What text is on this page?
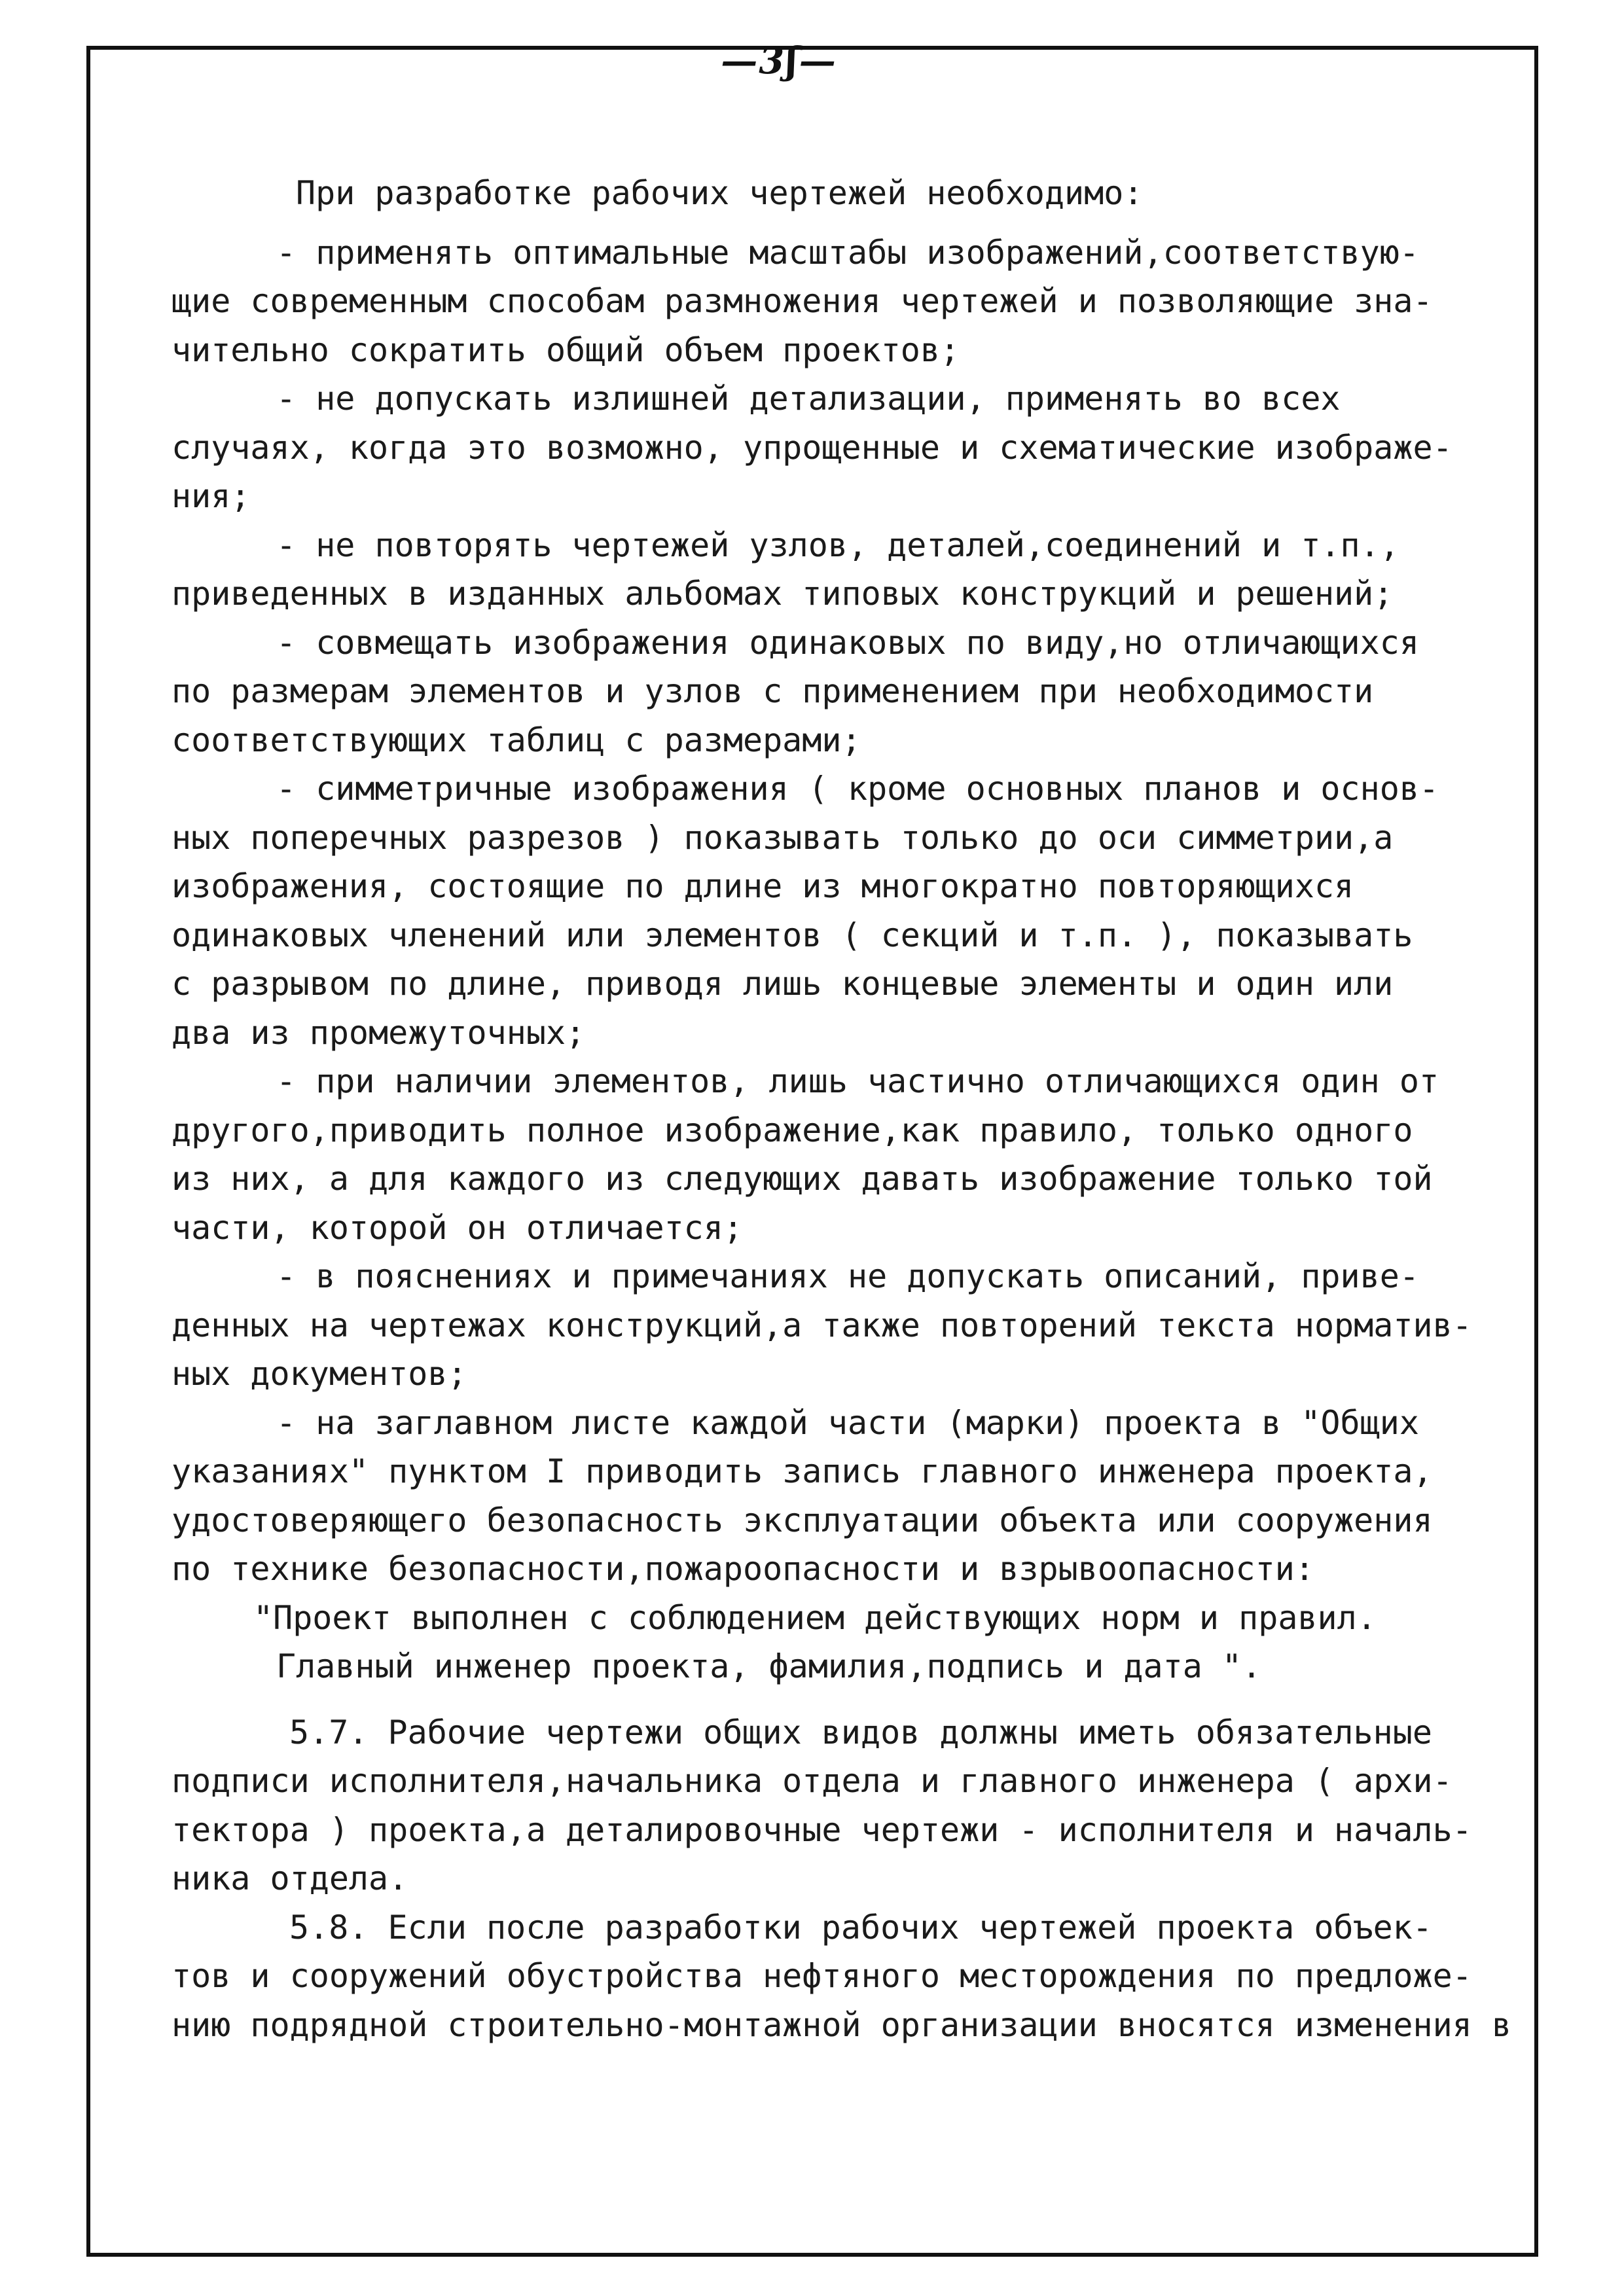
—3ʃ—
При разработке рабочих чертежей необходимо:
- применять оптимальные масштабы изображений,соответствую-
щие современным способам размножения чертежей и позволяющие зна-
чительно сократить общий объем проектов;
- не допускать излишней детализации, применять во всех
случаях, когда это возможно, упрощенные и схематические изображе-
ния;
- не повторять чертежей узлов, деталей,соединений и т.п.,
приведенных в изданных альбомах типовых конструкций и решений;
- совмещать изображения одинаковых по виду,но отличающихся
по размерам элементов и узлов с применением при необходимости
соответствующих таблиц с размерами;
- симметричные изображения ( кроме основных планов и основ-
ных поперечных разрезов ) показывать только до оси симметрии,а
изображения, состоящие по длине из многократно повторяющихся
одинаковых членений или элементов ( секций и т.п. ), показывать
с разрывом по длине, приводя лишь концевые элементы и один или
два из промежуточных;
- при наличии элементов, лишь частично отличающихся один от
другого,приводить полное изображение,как правило, только одного
из них, а для каждого из следующих давать изображение только той
части, которой он отличается;
- в пояснениях и примечаниях не допускать описаний, приве-
денных на чертежах конструкций,а также повторений текста норматив-
ных документов;
- на заглавном листе каждой части (марки) проекта в "Общих
указаниях" пунктом I приводить запись главного инженера проекта,
удостоверяющего безопасность эксплуатации объекта или сооружения
по технике безопасности,пожароопасности и взрывоопасности:
"Проект выполнен с соблюдением действующих норм и правил.
Главный инженер проекта, фамилия,подпись и дата ".
5.7. Рабочие чертежи общих видов должны иметь обязательные
подписи исполнителя,начальника отдела и главного инженера ( архи-
тектора ) проекта,а деталировочные чертежи - исполнителя и началь-
ника отдела.
5.8. Если после разработки рабочих чертежей проекта объек-
тов и сооружений обустройства нефтяного месторождения по предложе-
нию подрядной строительно-монтажной организации вносятся изменения в
